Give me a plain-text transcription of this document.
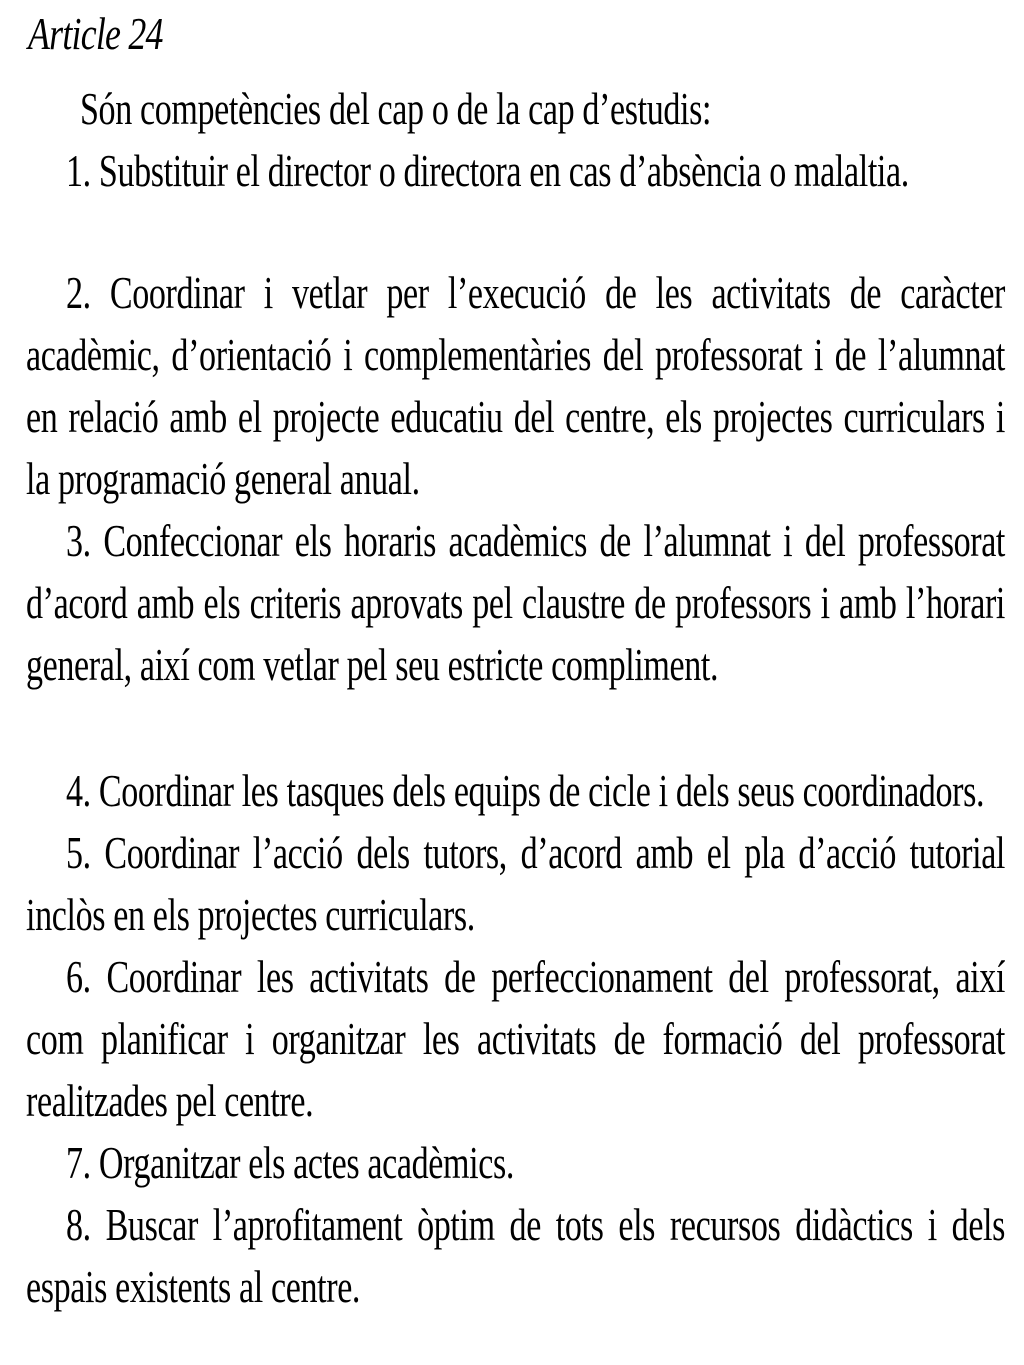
Article 24
Són competències del cap o de la cap d’estudis:

1. Substituir el director o directora en cas d’absència o malaltia.

2. Coordinar i vetlar per l’execució de les activitats de caràcter acadèmic, d’orientació i complementàries del professorat i de l’alumnat en relació amb el projecte educatiu del centre, els projectes curriculars i la programació general anual.

3. Confeccionar els horaris acadèmics de l’alumnat i del professorat d’acord amb els criteris aprovats pel claustre de professors i amb l’horari general, així com vetlar pel seu estricte compliment.

4. Coordinar les tasques dels equips de cicle i dels seus coordinadors.

5. Coordinar l’acció dels tutors, d’acord amb el pla d’acció tutorial inclòs en els projectes curriculars.

6. Coordinar les activitats de perfeccionament del professorat, així com planificar i organitzar les activitats de formació del professorat realitzades pel centre.

7. Organitzar els actes acadèmics.

8. Buscar l’aprofitament òptim de tots els recursos didàctics i dels espais existents al centre.
